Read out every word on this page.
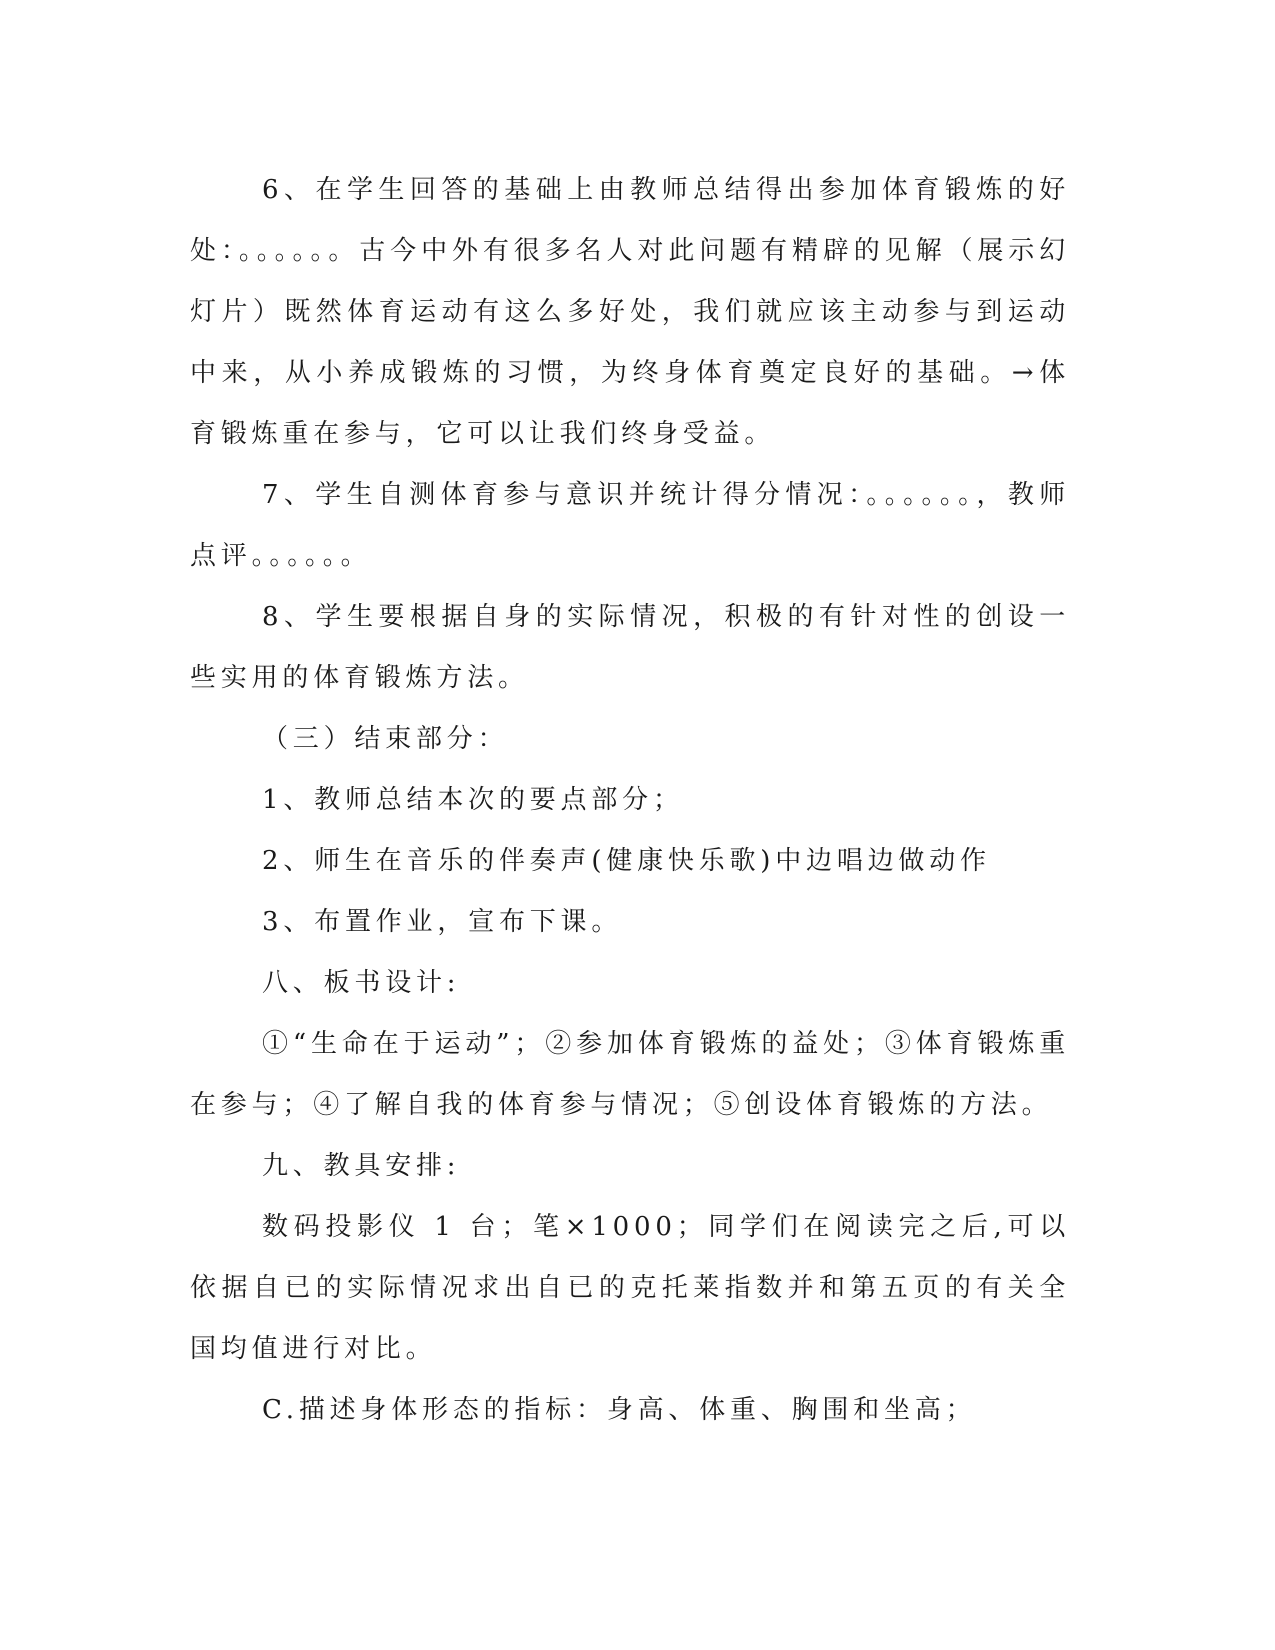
6、在学生回答的基础上由教师总结得出参加体育锻炼的好处：。。。。。。古今中外有很多名人对此问题有精辟的见解（展示幻灯片）既然体育运动有这么多好处，我们就应该主动参与到运动中来，从小养成锻炼的习惯，为终身体育奠定良好的基础。→体育锻炼重在参与，它可以让我们终身受益。

7、学生自测体育参与意识并统计得分情况：。。。。。。，教师点评。。。。。。

8、学生要根据自身的实际情况，积极的有针对性的创设一些实用的体育锻炼方法。

（三）结束部分：

1、教师总结本次的要点部分；

2、师生在音乐的伴奏声(健康快乐歌)中边唱边做动作

3、布置作业，宣布下课。

八、板书设计:

①“生命在于运动”；②参加体育锻炼的益处；③体育锻炼重在参与；④了解自我的体育参与情况；⑤创设体育锻炼的方法。

九、教具安排:

数码投影仪 1 台；笔×1000；同学们在阅读完之后,可以依据自已的实际情况求出自已的克托莱指数并和第五页的有关全国均值进行对比。

C.描述身体形态的指标：身高、体重、胸围和坐高；
